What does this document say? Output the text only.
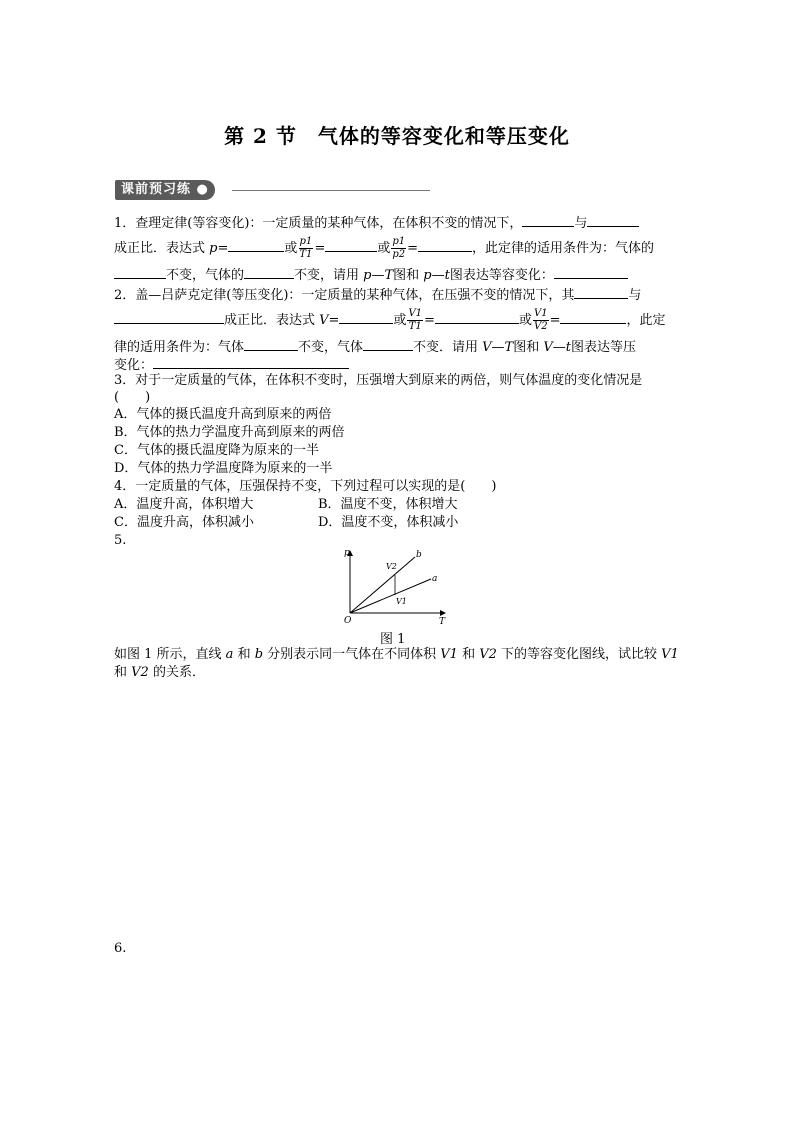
第 2 节　气体的等容变化和等压变化
课前预习练 ●
1．查理定律(等容变化)：一定质量的某种气体，在体积不变的情况下，	与
成正比．表达式 p=	或 $\frac{p1}{T1}$ =	或 $\frac{p1}{p2}$ =	，此定律的适用条件为：气体的
不变，气体的	不变，请用 p—T图和 p—t图表达等容变化：
2．盖—吕萨克定律(等压变化)：一定质量的某种气体，在压强不变的情况下，其	与
成正比．表达式 V=	或 $\frac{V1}{T1}$ =	或 $\frac{V1}{V2}$ =	，此定
律的适用条件为：气体	不变，气体	不变．请用 V—T图和 V—t图表达等压
变化：
3．对于一定质量的气体，在体积不变时，压强增大到原来的两倍，则气体温度的变化情况是
(　　)
A．气体的摄氏温度升高到原来的两倍
B．气体的热力学温度升高到原来的两倍
C．气体的摄氏温度降为原来的一半
D．气体的热力学温度降为原来的一半
4．一定质量的气体，压强保持不变，下列过程可以实现的是(　　)
A．温度升高，体积增大	B．温度不变，体积增大
C．温度升高，体积减小	D．温度不变，体积减小
5.
p
T
O
b
a
V2
V1
图 1
如图 1 所示，直线 a 和 b 分别表示同一气体在不同体积 V1 和 V2 下的等容变化图线，试比较 V1
和 V2 的关系．
6.
